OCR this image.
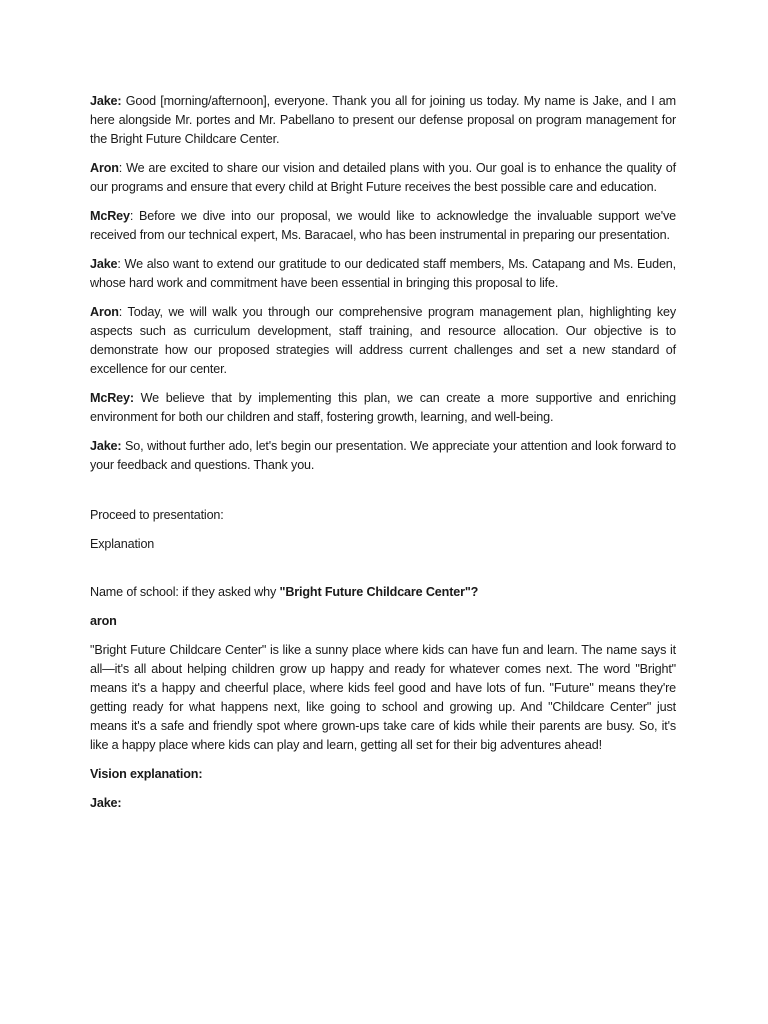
Jake: Good [morning/afternoon], everyone. Thank you all for joining us today. My name is Jake, and I am here alongside Mr. portes and Mr. Pabellano to present our defense proposal on program management for the Bright Future Childcare Center.

Aron: We are excited to share our vision and detailed plans with you. Our goal is to enhance the quality of our programs and ensure that every child at Bright Future receives the best possible care and education.

McRey: Before we dive into our proposal, we would like to acknowledge the invaluable support we've received from our technical expert, Ms. Baracael, who has been instrumental in preparing our presentation.

Jake: We also want to extend our gratitude to our dedicated staff members, Ms. Catapang and Ms. Euden, whose hard work and commitment have been essential in bringing this proposal to life.

Aron: Today, we will walk you through our comprehensive program management plan, highlighting key aspects such as curriculum development, staff training, and resource allocation. Our objective is to demonstrate how our proposed strategies will address current challenges and set a new standard of excellence for our center.

McRey: We believe that by implementing this plan, we can create a more supportive and enriching environment for both our children and staff, fostering growth, learning, and well-being.

Jake: So, without further ado, let's begin our presentation. We appreciate your attention and look forward to your feedback and questions. Thank you.

Proceed to presentation:

Explanation

Name of school: if they asked why "Bright Future Childcare Center"?

aron

"Bright Future Childcare Center" is like a sunny place where kids can have fun and learn. The name says it all—it's all about helping children grow up happy and ready for whatever comes next. The word "Bright" means it's a happy and cheerful place, where kids feel good and have lots of fun. "Future" means they're getting ready for what happens next, like going to school and growing up. And "Childcare Center" just means it's a safe and friendly spot where grown-ups take care of kids while their parents are busy. So, it's like a happy place where kids can play and learn, getting all set for their big adventures ahead!

Vision explanation:

Jake:
